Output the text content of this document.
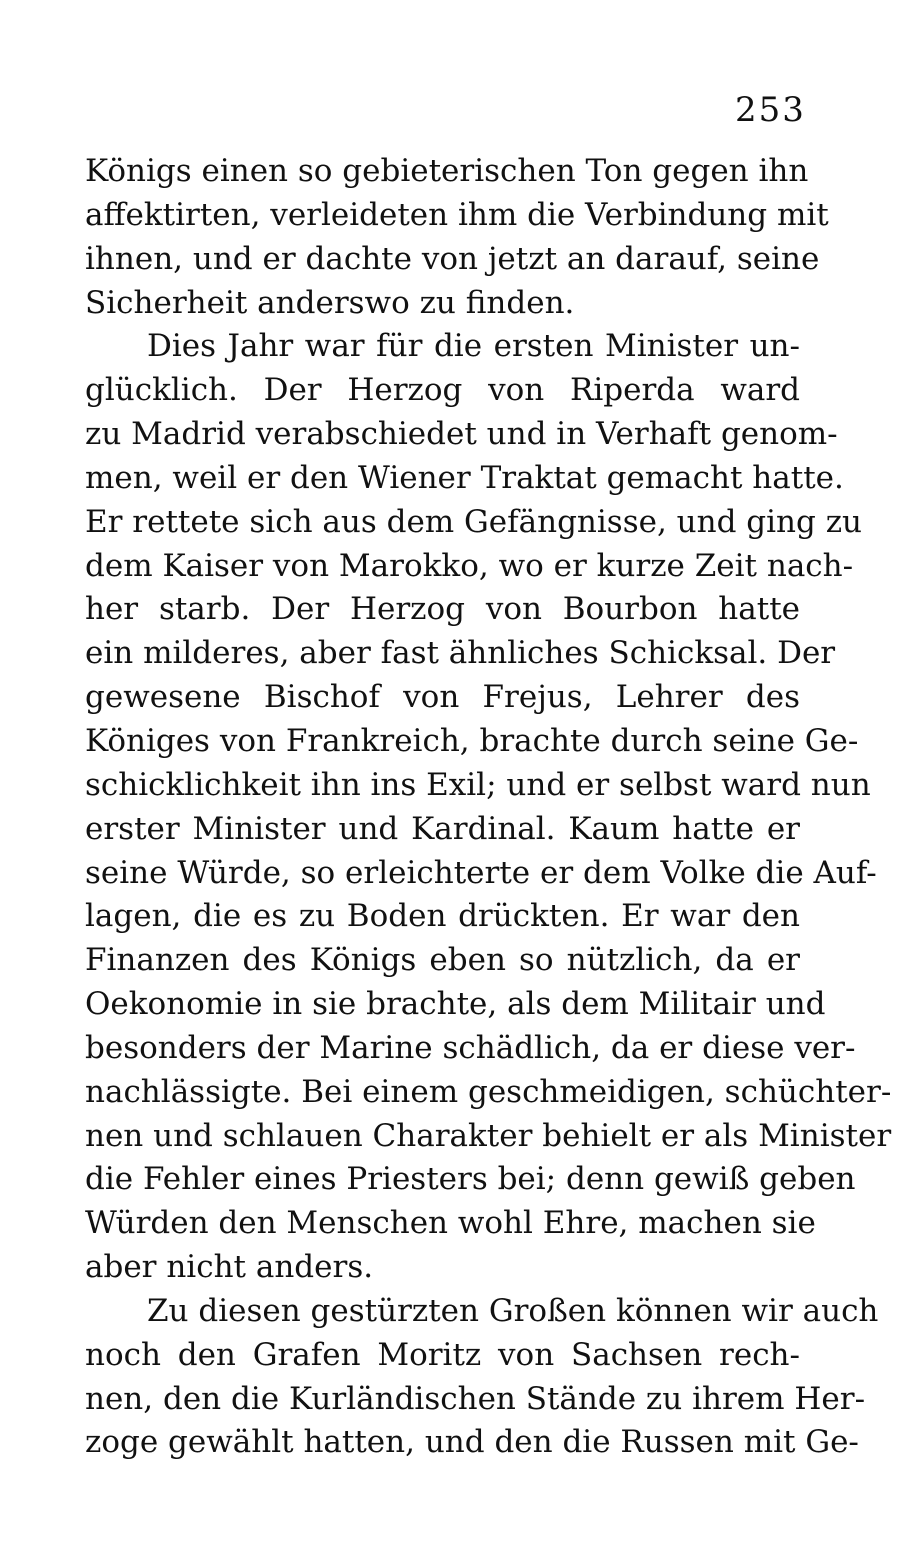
253
Königs einen so gebieterischen Ton gegen ihn
affektirten, verleideten ihm die Verbindung mit
ihnen, und er dachte von jetzt an darauf, seine
Sicherheit anderswo zu finden.
Dies Jahr war für die ersten Minister un-
glücklich. Der Herzog von Riperda ward
zu Madrid verabschiedet und in Verhaft genom-
men, weil er den Wiener Traktat gemacht hatte.
Er rettete sich aus dem Gefängnisse, und ging zu
dem Kaiser von Marokko, wo er kurze Zeit nach-
her starb. Der Herzog von Bourbon hatte
ein milderes, aber fast ähnliches Schicksal. Der
gewesene Bischof von Frejus, Lehrer des
Königes von Frankreich, brachte durch seine Ge-
schicklichkeit ihn ins Exil; und er selbst ward nun
erster Minister und Kardinal. Kaum hatte er
seine Würde, so erleichterte er dem Volke die Auf-
lagen, die es zu Boden drückten. Er war den
Finanzen des Königs eben so nützlich, da er
Oekonomie in sie brachte, als dem Militair und
besonders der Marine schädlich, da er diese ver-
nachlässigte. Bei einem geschmeidigen, schüchter-
nen und schlauen Charakter behielt er als Minister
die Fehler eines Priesters bei; denn gewiß geben
Würden den Menschen wohl Ehre, machen sie
aber nicht anders.
Zu diesen gestürzten Großen können wir auch
noch den Grafen Moritz von Sachsen rech-
nen, den die Kurländischen Stände zu ihrem Her-
zoge gewählt hatten, und den die Russen mit Ge-
